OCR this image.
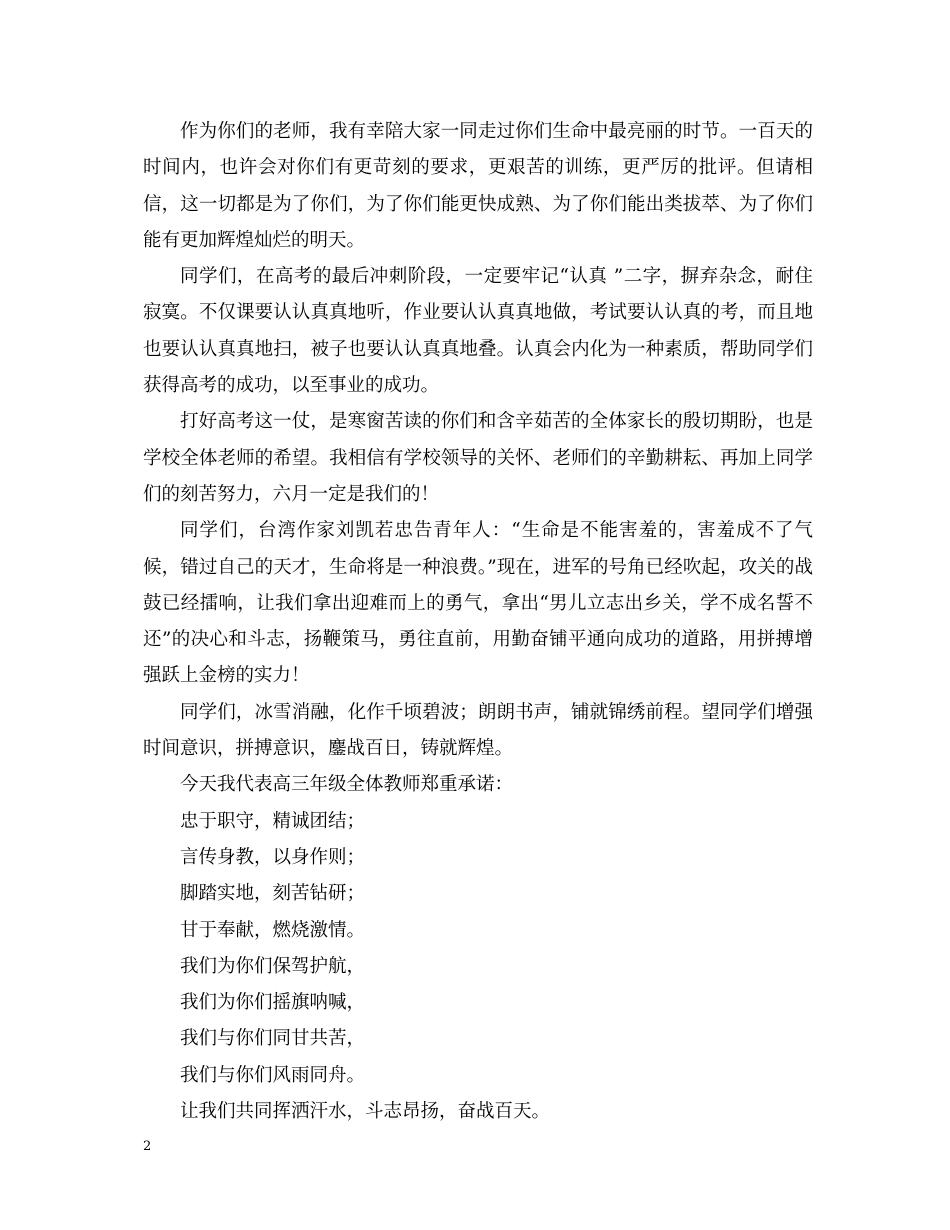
作为你们的老师，我有幸陪大家一同走过你们生命中最亮丽的时节。一百天的时间内，也许会对你们有更苛刻的要求，更艰苦的训练，更严厉的批评。但请相信，这一切都是为了你们，为了你们能更快成熟、为了你们能出类拔萃、为了你们能有更加辉煌灿烂的明天。

同学们，在高考的最后冲刺阶段，一定要牢记“认真 ”二字，摒弃杂念，耐住寂寞。不仅课要认认真真地听，作业要认认真真地做，考试要认认真的考，而且地也要认认真真地扫，被子也要认认真真地叠。认真会内化为一种素质，帮助同学们获得高考的成功，以至事业的成功。

打好高考这一仗，是寒窗苦读的你们和含辛茹苦的全体家长的殷切期盼，也是学校全体老师的希望。我相信有学校领导的关怀、老师们的辛勤耕耘、再加上同学们的刻苦努力，六月一定是我们的！

同学们，台湾作家刘凯若忠告青年人：“生命是不能害羞的，害羞成不了气候，错过自己的天才，生命将是一种浪费。”现在，进军的号角已经吹起，攻关的战鼓已经擂响，让我们拿出迎难而上的勇气，拿出“男儿立志出乡关，学不成名誓不还”的决心和斗志，扬鞭策马，勇往直前，用勤奋铺平通向成功的道路，用拼搏增强跃上金榜的实力！

同学们，冰雪消融，化作千顷碧波；朗朗书声，铺就锦绣前程。望同学们增强时间意识，拼搏意识，鏖战百日，铸就辉煌。

今天我代表高三年级全体教师郑重承诺：

忠于职守，精诚团结；

言传身教，以身作则；

脚踏实地，刻苦钻研；

甘于奉献，燃烧激情。

我们为你们保驾护航，

我们为你们摇旗呐喊，

我们与你们同甘共苦，

我们与你们风雨同舟。

让我们共同挥洒汗水，斗志昂扬，奋战百天。

2
